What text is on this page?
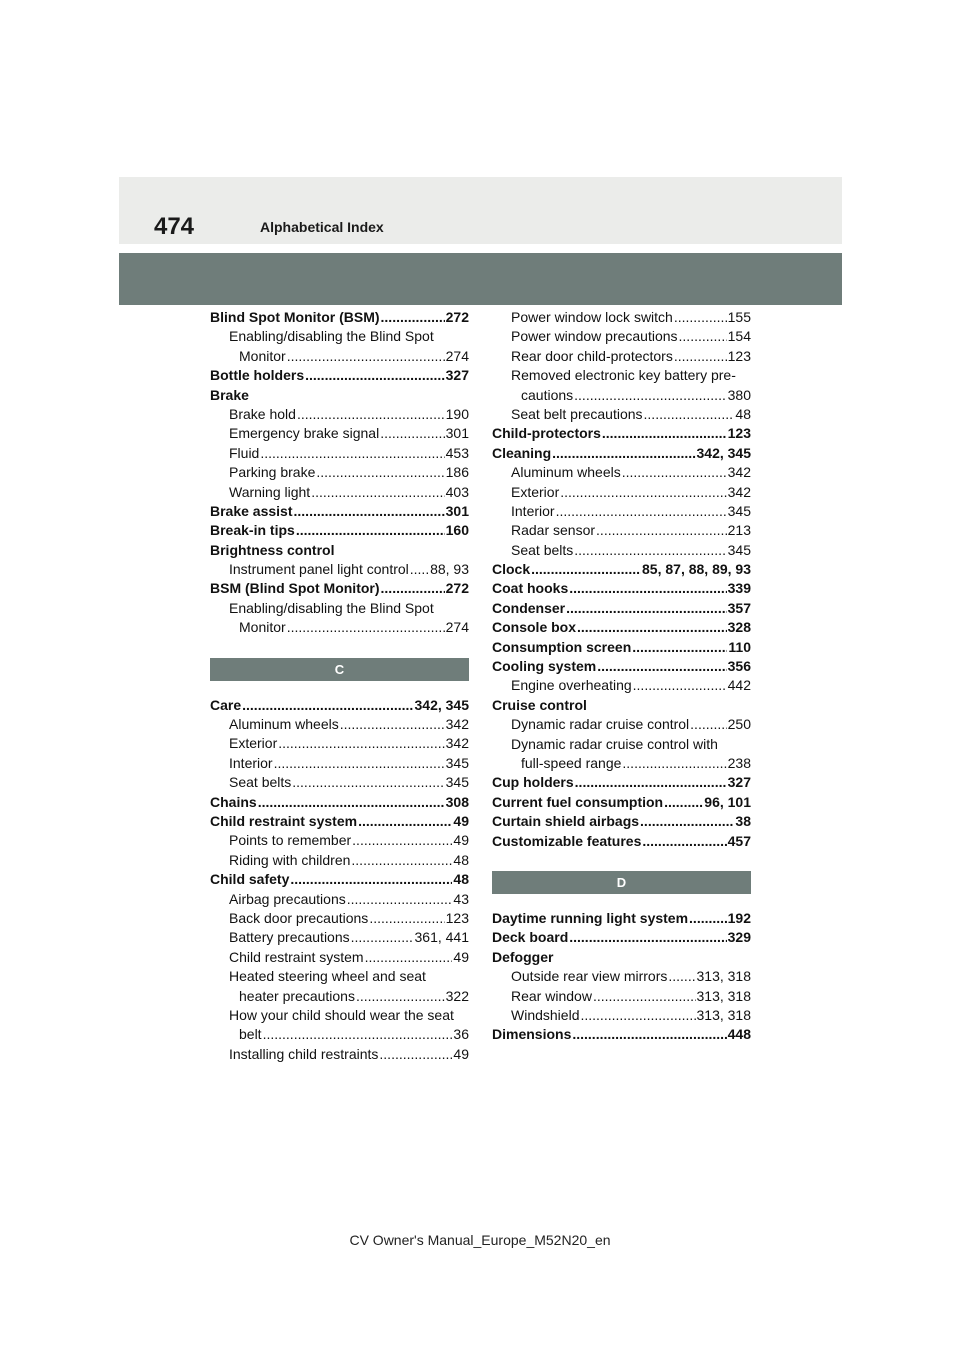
474	Alphabetical Index
Blind Spot Monitor (BSM) .....	272
Enabling/disabling the Blind Spot
Monitor .....	274
Bottle holders .....	327
Brake
Brake hold .....	190
Emergency brake signal .....	301
Fluid .....	453
Parking brake .....	186
Warning light .....	403
Brake assist .....	301
Break-in tips .....	160
Brightness control
Instrument panel light control ..... 88, 93
BSM (Blind Spot Monitor) .....	272
Enabling/disabling the Blind Spot
Monitor .....	274
C
Care .....	342, 345
Aluminum wheels .....	342
Exterior .....	342
Interior .....	345
Seat belts .....	345
Chains .....	308
Child restraint system .....	49
Points to remember .....	49
Riding with children .....	48
Child safety .....	48
Airbag precautions .....	43
Back door precautions .....	123
Battery precautions .....	361, 441
Child restraint system .....	49
Heated steering wheel and seat
heater precautions .....	322
How your child should wear the seat
belt .....	36
Installing child restraints .....	49
Power window lock switch .....	155
Power window precautions .....	154
Rear door child-protectors .....	123
Removed electronic key battery pre-
cautions .....	380
Seat belt precautions .....	48
Child-protectors .....	123
Cleaning .....	342, 345
Aluminum wheels .....	342
Exterior .....	342
Interior .....	345
Radar sensor .....	213
Seat belts .....	345
Clock .....	85, 87, 88, 89, 93
Coat hooks .....	339
Condenser .....	357
Console box .....	328
Consumption screen .....	110
Cooling system .....	356
Engine overheating .....	442
Cruise control
Dynamic radar cruise control .....	250
Dynamic radar cruise control with
full-speed range .....	238
Cup holders .....	327
Current fuel consumption .....	96, 101
Curtain shield airbags .....	38
Customizable features .....	457
D
Daytime running light system .....	192
Deck board .....	329
Defogger
Outside rear view mirrors ..... 313, 318
Rear window .....	313, 318
Windshield .....	313, 318
Dimensions .....	448
CV Owner's Manual_Europe_M52N20_en
